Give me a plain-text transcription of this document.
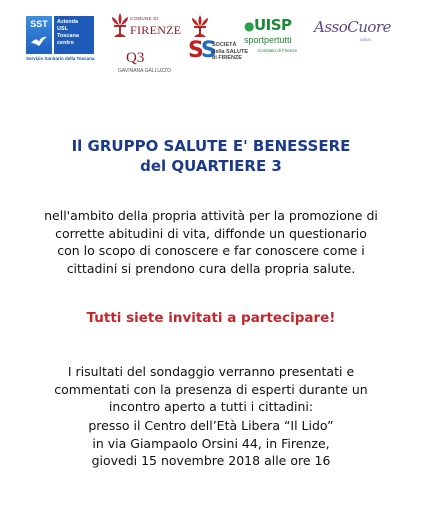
SST	Azienda
USL
Toscana
centro
Servizio Sanitario della Toscana
COMUNE DI
FIRENZE
Q3
GAVINANA GALLUZZO
SS
SOCIETÀ
della SALUTE
di FIRENZE
●UISP
sportpertutti
Comitato di Firenze
AssoCuore
onlus
Il GRUPPO SALUTE E' BENESSERE
del QUARTIERE 3
nell'ambito della propria attività per la promozione di
corrette abitudini di vita, diffonde un questionario
con lo scopo di conoscere e far conoscere come i
cittadini si prendono cura della propria salute.
Tutti siete invitati a partecipare!
I risultati del sondaggio verranno presentati e
commentati con la presenza di esperti durante un
incontro aperto a tutti i cittadini:
presso il Centro dell’Età Libera “Il Lido”
in via Giampaolo Orsini 44, in Firenze,
giovedi 15 novembre 2018 alle ore 16
